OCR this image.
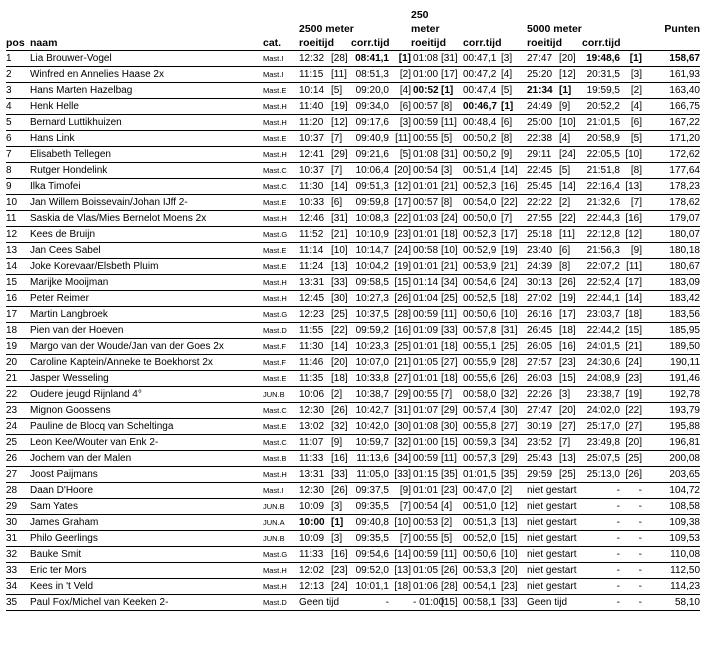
							250								
			2500 meter				meter				5000 meter				Punten
pos	naam	cat.	roeitijd		corr.tijd		roeitijd		corr.tijd		roeitijd		corr.tijd		
1	Lia Brouwer-Vogel	Mast.I	12:32	[28]	08:41,1	[1]	01:08	[31]	00:47,1	[3]	27:47	[20]	19:48,6	[1]	158,67
2	Winfred en Annelies Haase 2x	Mast.I	11:15	[11]	08:51,3	[2]	01:00	[17]	00:47,2	[4]	25:20	[12]	20:31,5	[3]	161,93
3	Hans Marten Hazelbag	Mast.E	10:14	[5]	09:20,0	[4]	00:52	[1]	00:47,4	[5]	21:34	[1]	19:59,5	[2]	163,40
4	Henk Helle	Mast.H	11:40	[19]	09:34,0	[6]	00:57	[8]	00:46,7	[1]	24:49	[9]	20:52,2	[4]	166,75
5	Bernard Luttikhuizen	Mast.H	11:20	[12]	09:17,6	[3]	00:59	[11]	00:48,4	[6]	25:00	[10]	21:01,5	[6]	167,22
6	Hans Link	Mast.E	10:37	[7]	09:40,9	[11]	00:55	[5]	00:50,2	[8]	22:38	[4]	20:58,9	[5]	171,20
7	Elisabeth Tellegen	Mast.H	12:41	[29]	09:21,6	[5]	01:08	[31]	00:50,2	[9]	29:11	[24]	22:05,5	[10]	172,62
8	Rutger Hondelink	Mast.C	10:37	[7]	10:06,4	[20]	00:54	[3]	00:51,4	[14]	22:45	[5]	21:51,8	[8]	177,64
9	Ilka Timofei	Mast.C	11:30	[14]	09:51,3	[12]	01:01	[21]	00:52,3	[16]	25:45	[14]	22:16,4	[13]	178,23
10	Jan Willem Boissevain/Johan IJff 2-	Mast.E	10:33	[6]	09:59,8	[17]	00:57	[8]	00:54,0	[22]	22:22	[2]	21:32,6	[7]	178,62
11	Saskia de Vlas/Mies Bernelot Moens 2x	Mast.H	12:46	[31]	10:08,3	[22]	01:03	[24]	00:50,0	[7]	27:55	[22]	22:44,3	[16]	179,07
12	Kees de Bruijn	Mast.G	11:52	[21]	10:10,9	[23]	01:01	[18]	00:52,3	[17]	25:18	[11]	22:12,8	[12]	180,07
13	Jan Cees Sabel	Mast.E	11:14	[10]	10:14,7	[24]	00:58	[10]	00:52,9	[19]	23:40	[6]	21:56,3	[9]	180,18
14	Joke Korevaar/Elsbeth Pluim	Mast.E	11:24	[13]	10:04,2	[19]	01:01	[21]	00:53,9	[21]	24:39	[8]	22:07,2	[11]	180,67
15	Marijke Mooijman	Mast.H	13:31	[33]	09:58,5	[15]	01:14	[34]	00:54,6	[24]	30:13	[26]	22:52,4	[17]	183,09
16	Peter Reimer	Mast.H	12:45	[30]	10:27,3	[26]	01:04	[25]	00:52,5	[18]	27:02	[19]	22:44,1	[14]	183,42
17	Martin Langbroek	Mast.G	12:23	[25]	10:37,5	[28]	00:59	[11]	00:50,6	[10]	26:16	[17]	23:03,7	[18]	183,56
18	Pien van der Hoeven	Mast.D	11:55	[22]	09:59,2	[16]	01:09	[33]	00:57,8	[31]	26:45	[18]	22:44,2	[15]	185,95
19	Margo van der Woude/Jan van der Goes 2x	Mast.F	11:30	[14]	10:23,3	[25]	01:01	[18]	00:55,1	[25]	26:05	[16]	24:01,5	[21]	189,50
20	Caroline Kaptein/Anneke te Boekhorst 2x	Mast.F	11:46	[20]	10:07,0	[21]	01:05	[27]	00:55,9	[28]	27:57	[23]	24:30,6	[24]	190,11
21	Jasper Wesseling	Mast.E	11:35	[18]	10:33,8	[27]	01:01	[18]	00:55,6	[26]	26:03	[15]	24:08,9	[23]	191,46
22	Oudere jeugd Rijnland 4°	JUN.B	10:06	[2]	10:38,7	[29]	00:55	[7]	00:58,0	[32]	22:26	[3]	23:38,7	[19]	192,78
23	Mignon Goossens	Mast.C	12:30	[26]	10:42,7	[31]	01:07	[29]	00:57,4	[30]	27:47	[20]	24:02,0	[22]	193,79
24	Pauline de Blocq van Scheltinga	Mast.E	13:02	[32]	10:42,0	[30]	01:08	[30]	00:55,8	[27]	30:19	[27]	25:17,0	[27]	195,88
25	Leon Kee/Wouter van Enk 2-	Mast.C	11:07	[9]	10:59,7	[32]	01:00	[15]	00:59,3	[34]	23:52	[7]	23:49,8	[20]	196,81
26	Jochem van der Malen	Mast.B	11:33	[16]	11:13,6	[34]	00:59	[11]	00:57,3	[29]	25:43	[13]	25:07,5	[25]	200,08
27	Joost Paijmans	Mast.H	13:31	[33]	11:05,0	[33]	01:15	[35]	01:01,5	[35]	29:59	[25]	25:13,0	[26]	203,65
28	Daan D'Hoore	Mast.I	12:30	[26]	09:37,5	[9]	01:01	[23]	00:47,0	[2]	niet gestart		-	-	104,72
29	Sam Yates	JUN.B	10:09	[3]	09:35,5	[7]	00:54	[4]	00:51,0	[12]	niet gestart		-	-	108,58
30	James Graham	JUN.A	10:00	[1]	09:40,8	[10]	00:53	[2]	00:51,3	[13]	niet gestart		-	-	109,38
31	Philo Geerlings	JUN.B	10:09	[3]	09:35,5	[7]	00:55	[5]	00:52,0	[15]	niet gestart		-	-	109,53
32	Bauke Smit	Mast.G	11:33	[16]	09:54,6	[14]	00:59	[11]	00:50,6	[10]	niet gestart		-	-	110,08
33	Eric ter Mors	Mast.H	12:02	[23]	09:52,0	[13]	01:05	[26]	00:53,3	[20]	niet gestart		-	-	112,50
34	Kees in 't Veld	Mast.H	12:13	[24]	10:01,1	[18]	01:06	[28]	00:54,1	[23]	niet gestart		-	-	114,23
35	Paul Fox/Michel van Keeken 2-	Mast.D	Geen tijd		-		- 01:00	[15]	00:58,1	[33]	Geen tijd		-	-	58,10
